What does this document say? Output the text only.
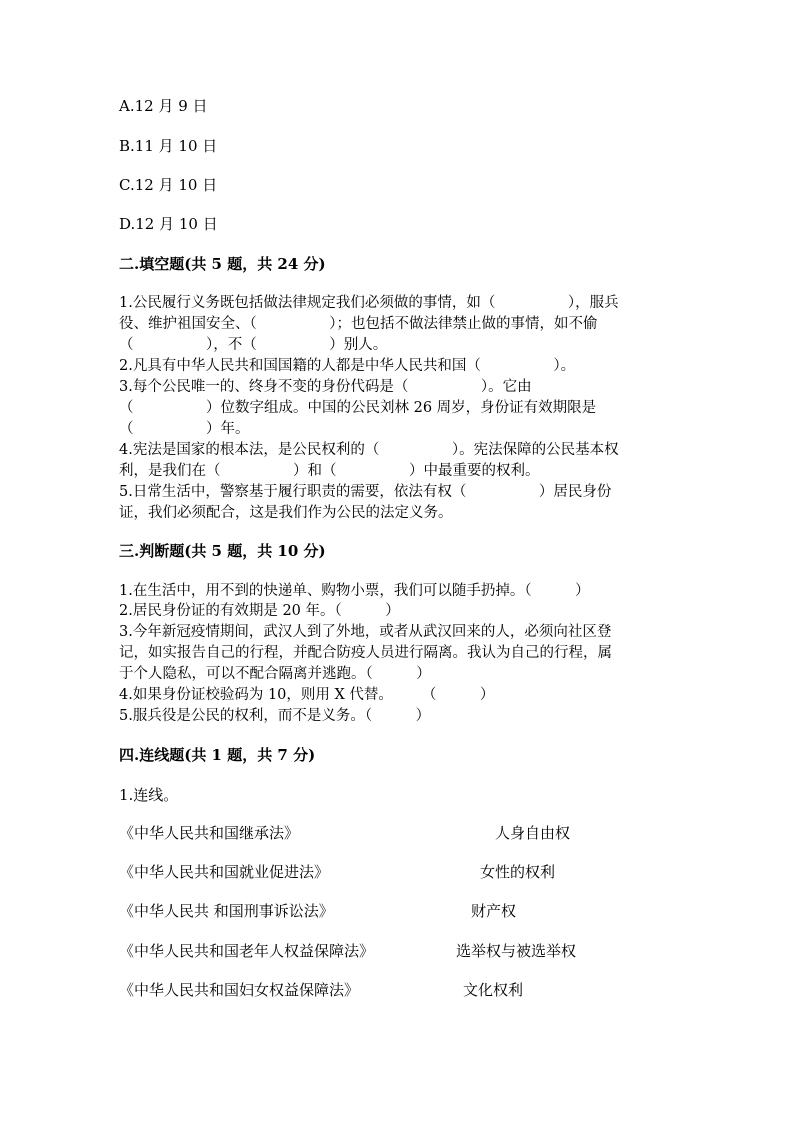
A.12 月 9 日
B.11 月 10 日
C.12 月 10 日
D.12 月 10 日
二.填空题(共 5 题，共 24 分)
1.公民履行义务既包括做法律规定我们必须做的事情，如（　　　　　），服兵
役、维护祖国安全、（　　　　　）；也包括不做法律禁止做的事情，如不偷
（　　　　　），不（　　　　　）别人。
2.凡具有中华人民共和国国籍的人都是中华人民共和国（　　　　　）。
3.每个公民唯一的、终身不变的身份代码是（　　　　　）。它由
（　　　　　）位数字组成。中国的公民刘林 26 周岁，身份证有效期限是
（　　　　　）年。
4.宪法是国家的根本法，是公民权利的（　　　　　）。宪法保障的公民基本权
利，是我们在（　　　　　）和（　　　　　）中最重要的权利。
5.日常生活中，警察基于履行职责的需要，依法有权（　　　　　）居民身份
证，我们必须配合，这是我们作为公民的法定义务。
三.判断题(共 5 题，共 10 分)
1.在生活中，用不到的快递单、购物小票，我们可以随手扔掉。（　　　）
2.居民身份证的有效期是 20 年。（　　　）
3.今年新冠疫情期间，武汉人到了外地，或者从武汉回来的人，必须向社区登
记，如实报告自己的行程，并配合防疫人员进行隔离。我认为自己的行程，属
于个人隐私，可以不配合隔离并逃跑。（　　　）
4.如果身份证校验码为 10，则用 X 代替。　　　（　　　）
5.服兵役是公民的权利，而不是义务。（　　　）
四.连线题(共 1 题，共 7 分)
1.连线。
《中华人民共和国继承法》
《中华人民共和国就业促进法》
《中华人民共 和国刑事诉讼法》
《中华人民共和国老年人权益保障法》
《中华人民共和国妇女权益保障法》
人身自由权
女性的权利
财产权
选举权与被选举权
文化权利
